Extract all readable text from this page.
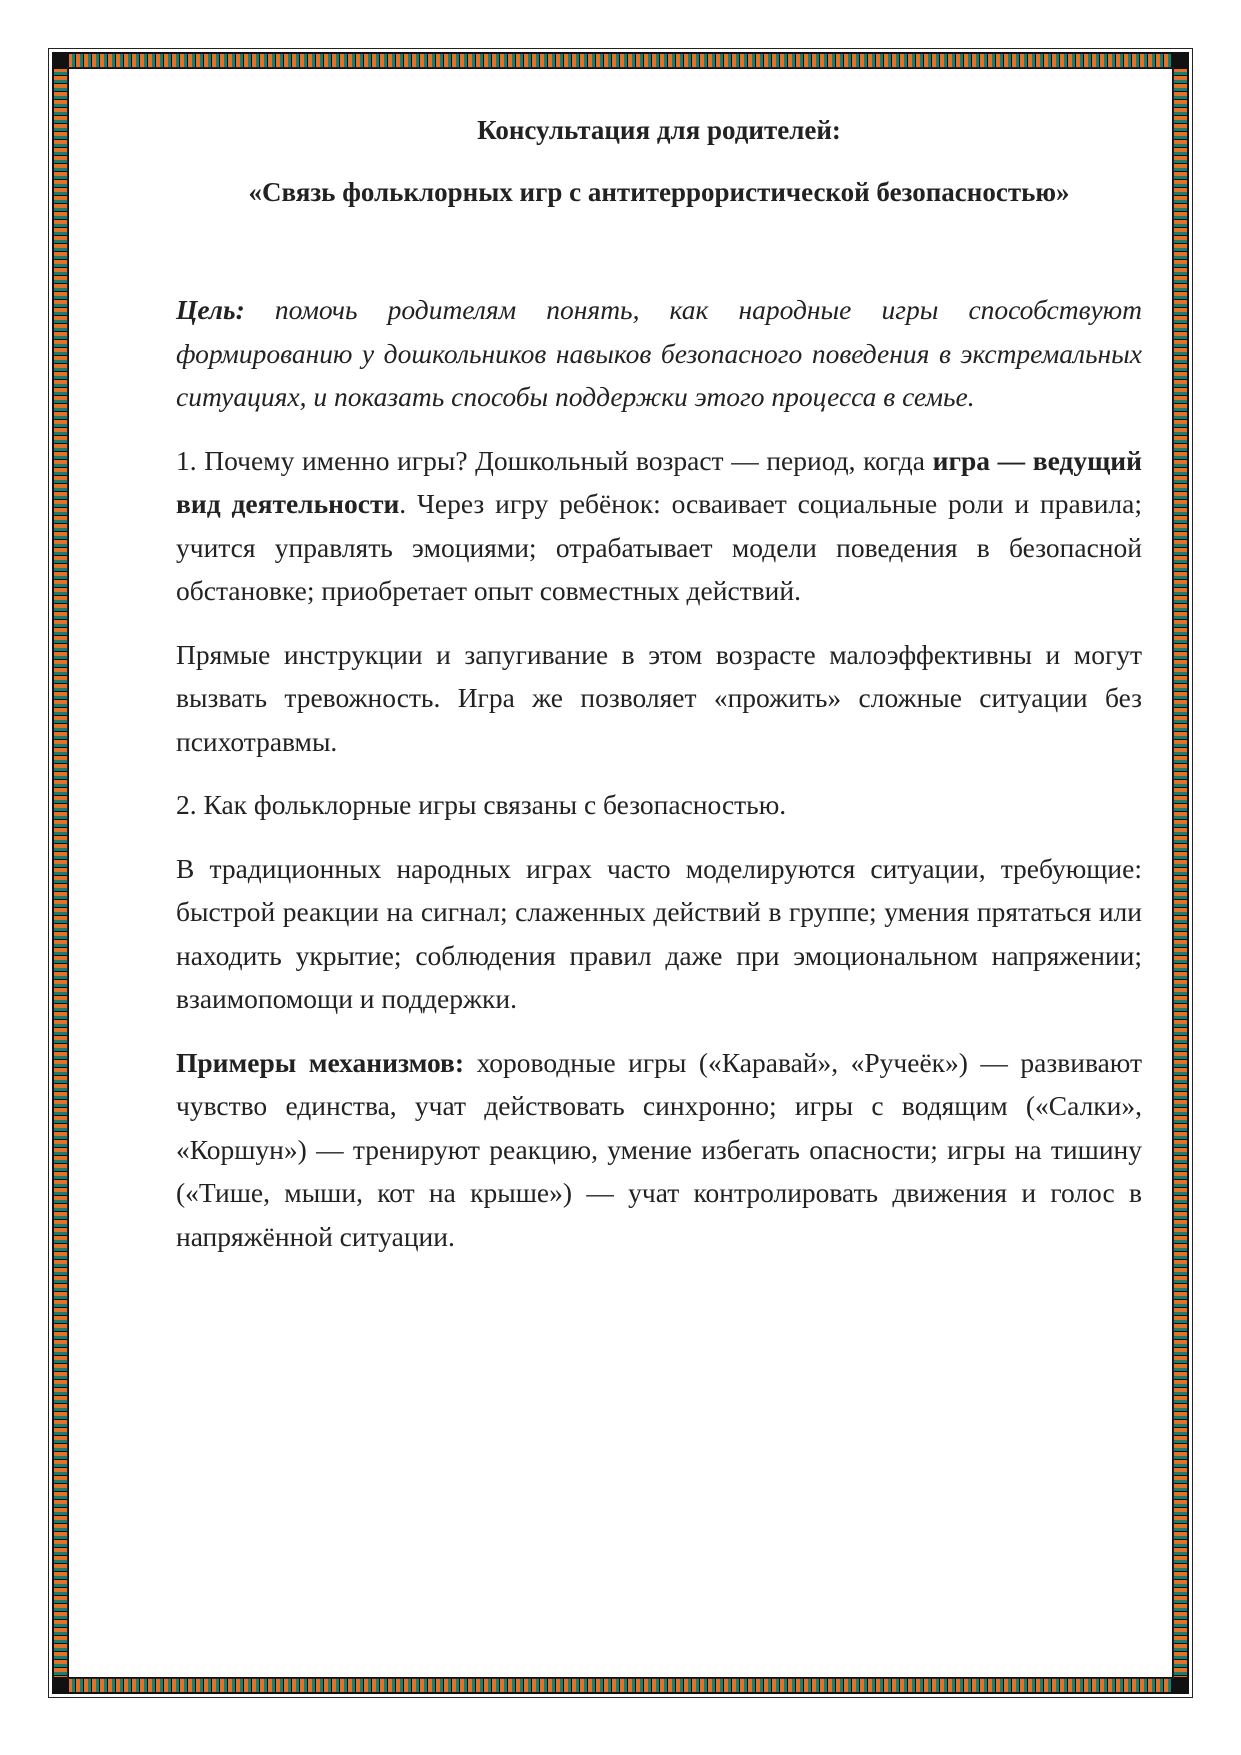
Консультация для родителей:
«Связь фольклорных игр с антитеррористической безопасностью»

Цель: помочь родителям понять, как народные игры способствуют формированию у дошкольников навыков безопасного поведения в экстремальных ситуациях, и показать способы поддержки этого процесса в семье.

1. Почему именно игры? Дошкольный возраст — период, когда игра — ведущий вид деятельности. Через игру ребёнок: осваивает социальные роли и правила; учится управлять эмоциями; отрабатывает модели поведения в безопасной обстановке; приобретает опыт совместных действий.

Прямые инструкции и запугивание в этом возрасте малоэффективны и могут вызвать тревожность. Игра же позволяет «прожить» сложные ситуации без психотравмы.

2. Как фольклорные игры связаны с безопасностью.

В традиционных народных играх часто моделируются ситуации, требующие: быстрой реакции на сигнал; слаженных действий в группе; умения прятаться или находить укрытие; соблюдения правил даже при эмоциональном напряжении; взаимопомощи и поддержки.

Примеры механизмов: хороводные игры («Каравай», «Ручеёк») — развивают чувство единства, учат действовать синхронно; игры с водящим («Салки», «Коршун») — тренируют реакцию, умение избегать опасности; игры на тишину («Тише, мыши, кот на крыше») — учат контролировать движения и голос в напряжённой ситуации.
